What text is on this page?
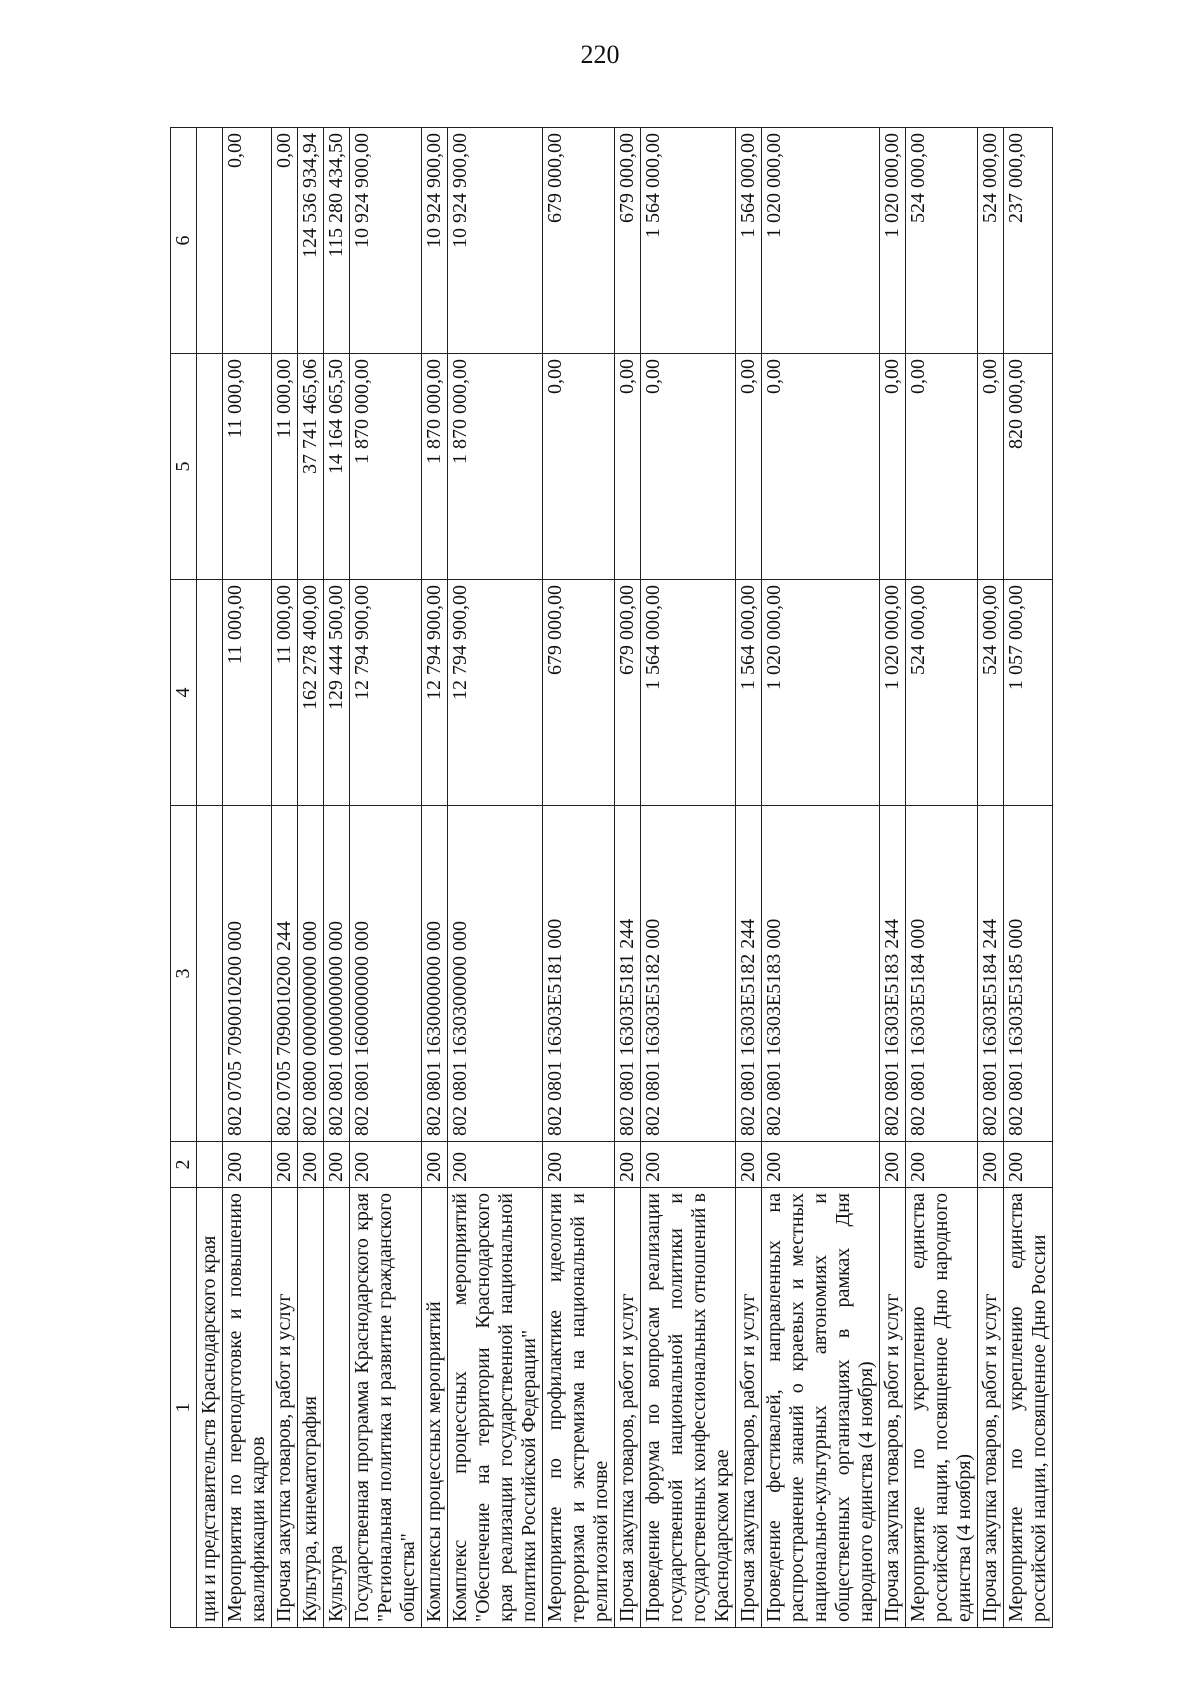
220
1	2	3	4	5	6
ции и представительств Краснодарского края					
Мероприятия по переподготовке и повышению квалификации кадров	200	802 0705 7090010200 000	11 000,00	11 000,00	0,00
Прочая закупка товаров, работ и услуг	200	802 0705 7090010200 244	11 000,00	11 000,00	0,00
Культура, кинематография	200	802 0800 0000000000 000	162 278 400,00	37 741 465,06	124 536 934,94
Культура	200	802 0801 0000000000 000	129 444 500,00	14 164 065,50	115 280 434,50
Государственная программа Краснодарского края "Региональная политика и развитие гражданского общества"	200	802 0801 1600000000 000	12 794 900,00	1 870 000,00	10 924 900,00
Комплексы процессных мероприятий	200	802 0801 1630000000 000	12 794 900,00	1 870 000,00	10 924 900,00
Комплекс процессных мероприятий "Обеспечение на территории Краснодарского края реализации государственной национальной политики Российской Федерации"	200	802 0801 1630300000 000	12 794 900,00	1 870 000,00	10 924 900,00
Мероприятие по профилактике идеологии терроризма и экстремизма на национальной и религиозной почве	200	802 0801 16303E5181 000	679 000,00	0,00	679 000,00
Прочая закупка товаров, работ и услуг	200	802 0801 16303E5181 244	679 000,00	0,00	679 000,00
Проведение форума по вопросам реализации государственной национальной политики и государственных конфессиональных отношений в Краснодарском крае	200	802 0801 16303E5182 000	1 564 000,00	0,00	1 564 000,00
Прочая закупка товаров, работ и услуг	200	802 0801 16303E5182 244	1 564 000,00	0,00	1 564 000,00
Проведение фестивалей, направленных на распространение знаний о краевых и местных национально-культурных автономиях и общественных организациях в рамках Дня народного единства (4 ноября)	200	802 0801 16303E5183 000	1 020 000,00	0,00	1 020 000,00
Прочая закупка товаров, работ и услуг	200	802 0801 16303E5183 244	1 020 000,00	0,00	1 020 000,00
Мероприятие по укреплению единства российской нации, посвященное Дню народного единства (4 ноября)	200	802 0801 16303E5184 000	524 000,00	0,00	524 000,00
Прочая закупка товаров, работ и услуг	200	802 0801 16303E5184 244	524 000,00	0,00	524 000,00
Мероприятие по укреплению единства российской нации, посвященное Дню России	200	802 0801 16303E5185 000	1 057 000,00	820 000,00	237 000,00
